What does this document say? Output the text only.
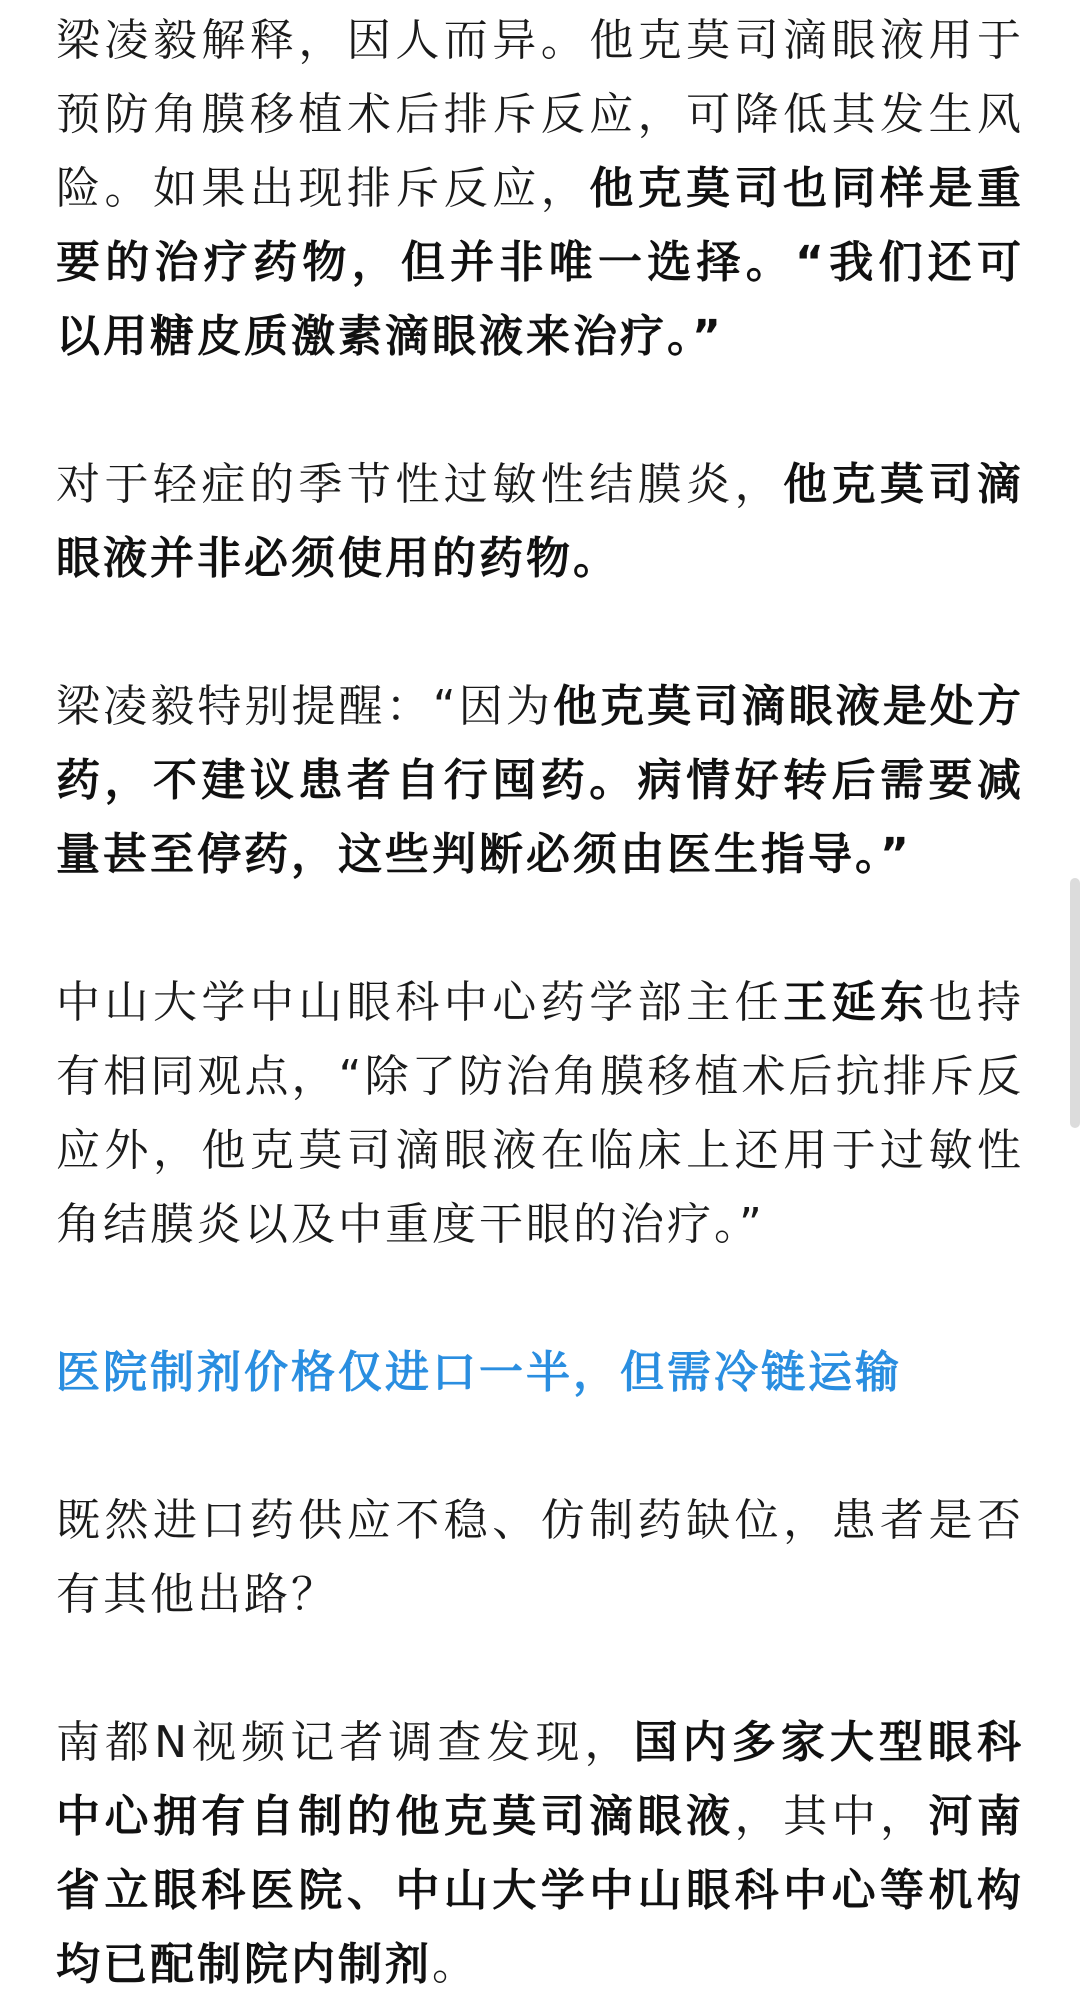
梁凌毅解释，因人而异。他克莫司滴眼液用于预防角膜移植术后排斥反应，可降低其发生风险。如果出现排斥反应，他克莫司也同样是重要的治疗药物，但并非唯一选择。“我们还可以用糖皮质激素滴眼液来治疗。”

对于轻症的季节性过敏性结膜炎，他克莫司滴眼液并非必须使用的药物。

梁凌毅特别提醒：“因为他克莫司滴眼液是处方药，不建议患者自行囤药。病情好转后需要减量甚至停药，这些判断必须由医生指导。”

中山大学中山眼科中心药学部主任王延东也持有相同观点，“除了防治角膜移植术后抗排斥反应外，他克莫司滴眼液在临床上还用于过敏性角结膜炎以及中重度干眼的治疗。”

医院制剂价格仅进口一半，但需冷链运输

既然进口药供应不稳、仿制药缺位，患者是否有其他出路？

南都N视频记者调查发现，国内多家大型眼科中心拥有自制的他克莫司滴眼液，其中，河南省立眼科医院、中山大学中山眼科中心等机构均已配制院内制剂。
